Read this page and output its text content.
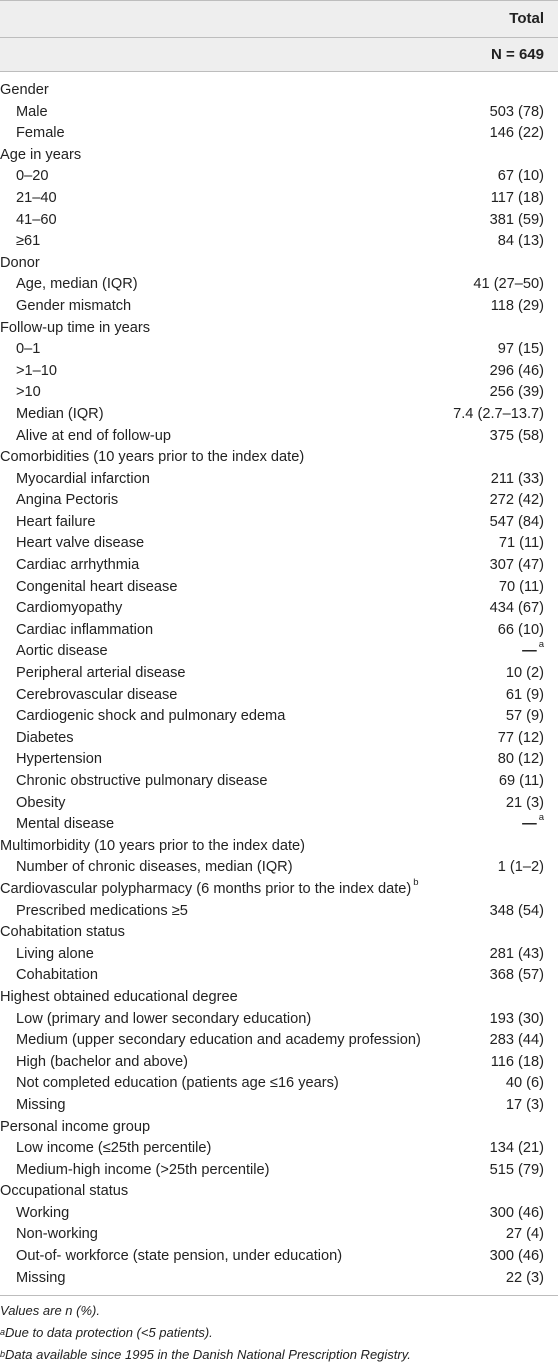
Total
N = 649
Gender
Male	503 (78)
Female	146 (22)
Age in years
0–20	67 (10)
21–40	117 (18)
41–60	381 (59)
≥61	84 (13)
Donor
Age, median (IQR)	41 (27–50)
Gender mismatch	118 (29)
Follow-up time in years
0–1	97 (15)
>1–10	296 (46)
>10	256 (39)
Median (IQR)	7.4 (2.7–13.7)
Alive at end of follow-up	375 (58)
Comorbidities (10 years prior to the index date)
Myocardial infarction	211 (33)
Angina Pectoris	272 (42)
Heart failure	547 (84)
Heart valve disease	71 (11)
Cardiac arrhythmia	307 (47)
Congenital heart disease	70 (11)
Cardiomyopathy	434 (67)
Cardiac inflammation	66 (10)
Aortic disease	— $^a$
Peripheral arterial disease	10 (2)
Cerebrovascular disease	61 (9)
Cardiogenic shock and pulmonary edema	57 (9)
Diabetes	77 (12)
Hypertension	80 (12)
Chronic obstructive pulmonary disease	69 (11)
Obesity	21 (3)
Mental disease	— $^a$
Multimorbidity (10 years prior to the index date)
Number of chronic diseases, median (IQR)	1 (1–2)
Cardiovascular polypharmacy (6 months prior to the index date) $^b$
Prescribed medications ≥5	348 (54)
Cohabitation status
Living alone	281 (43)
Cohabitation	368 (57)
Highest obtained educational degree
Low (primary and lower secondary education)	193 (30)
Medium (upper secondary education and academy profession)	283 (44)
High (bachelor and above)	116 (18)
Not completed education (patients age ≤16 years)	40 (6)
Missing	17 (3)
Personal income group
Low income (≤25th percentile)	134 (21)
Medium-high income (>25th percentile)	515 (79)
Occupational status
Working	300 (46)
Non-working	27 (4)
Out-of- workforce (state pension, under education)	300 (46)
Missing	22 (3)
Values are n (%).
$^a$Due to data protection (<5 patients).
$^b$Data available since 1995 in the Danish National Prescription Registry.
